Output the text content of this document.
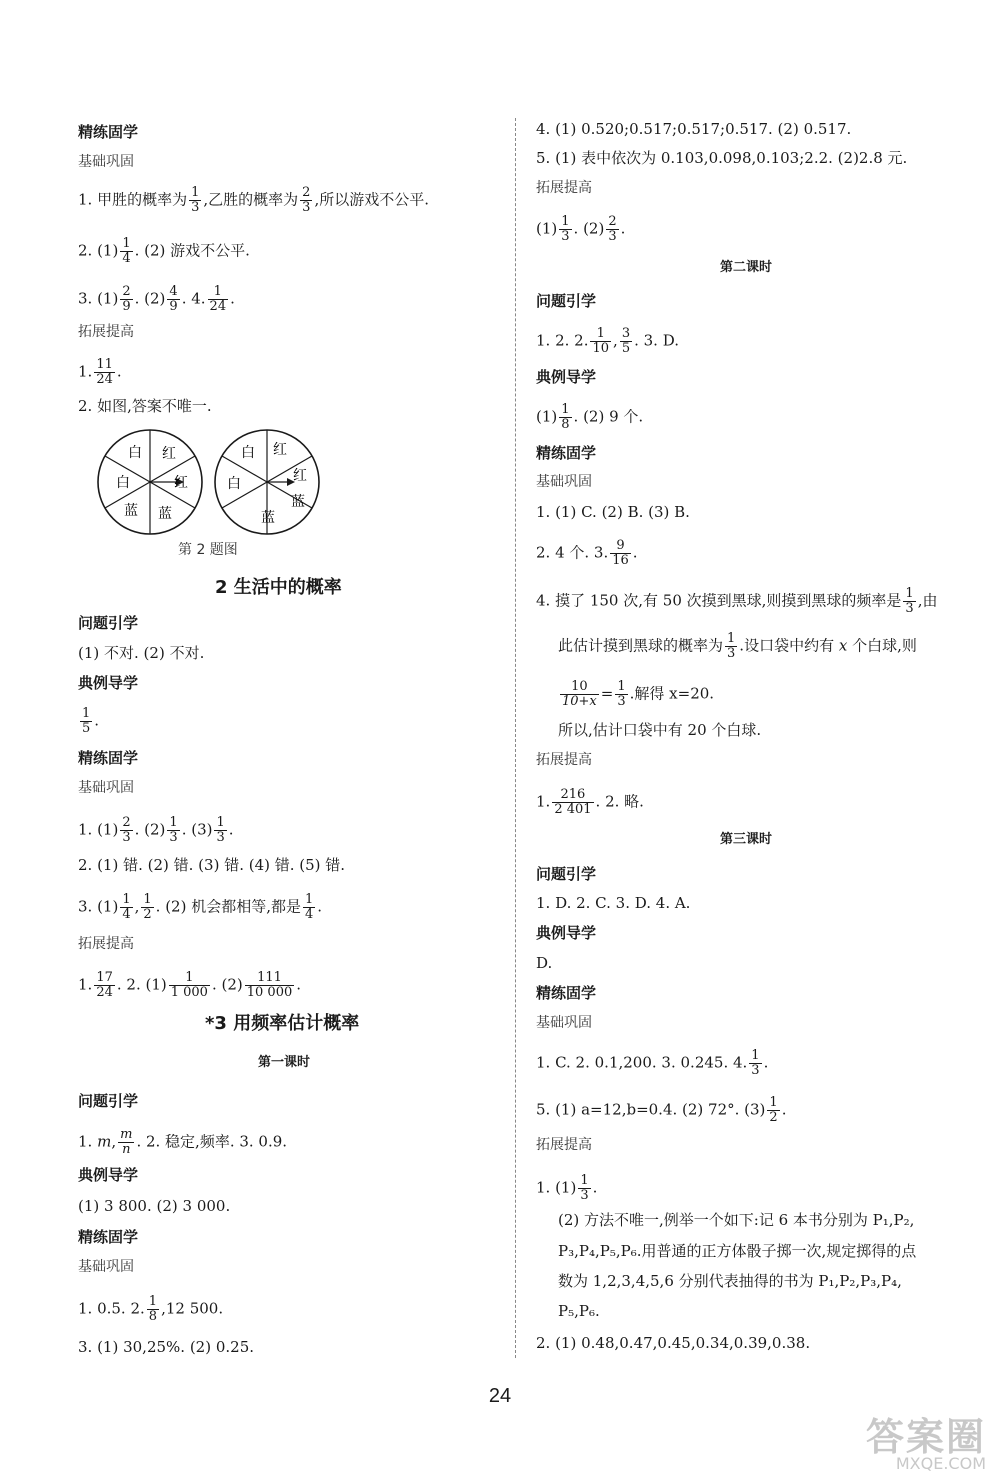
精练固学
基础巩固
1. 甲胜的概率为 $\frac{1}{3}$ ,乙胜的概率为 $\frac{2}{3}$ ,所以游戏不公平.
2. $(1) \frac{1}{4}$ . (2) 游戏不公平.
3. $(1) \frac{2}{9}$ . $(2) \frac{4}{9}$ . 4. $\frac{1}{24}$ .
拓展提高
1. $\frac{11}{24}$ .
2. 如图,答案不唯一.
红
红
蓝
蓝
白
白	红
红
蓝
蓝
白
白
第 2 题图
2 生活中的概率
问题引学
(1) 不对. (2) 不对.
典例导学
$\frac{1}{5}$ .
精练固学
基础巩固
1. $(1) \frac{2}{3}$ . $(2) \frac{1}{3}$ . $(3) \frac{1}{3}$ .
2. (1) 错. (2) 错. (3) 错. (4) 错. (5) 错.
3. $(1) \frac{1}{4}$ , $\frac{1}{2}$ . (2) 机会都相等,都是 $\frac{1}{4}$ .
拓展提高
1. $\frac{17}{24}$ . 2. $(1) \frac{1}{1 000}$ . $(2) \frac{111}{10 000}$ .
*3 用频率估计概率
第一课时
问题引学
1. m, $\frac{m}{n}$ . 2. 稳定,频率. 3. 0.9.
典例导学
(1) 3 800. (2) 3 000.
精练固学
基础巩固
1. 0.5. 2. $\frac{1}{8} ,12$ 500.
3. (1) 30,25%. (2) 0.25.
4. (1) 0.520;0.517;0.517;0.517. (2) 0.517.
5. (1) 表中依次为 0.103,0.098,0.103;2.2. (2)2.8 元.
拓展提高
$(1) \frac{1}{3}$ . $(2) \frac{2}{3}$ .
第二课时
问题引学
1. 2. 2. $\frac{1}{10}$ , $\frac{3}{5}$ . 3. D.
典例导学
$(1) \frac{1}{8}$ . (2) 9 个.
精练固学
基础巩固
1. (1) C. (2) B. (3) B.
2. 4 个. 3. $\frac{9}{16}$ .
4. 摸了 150 次,有 50 次摸到黑球,则摸到黑球的频率是 $\frac{1}{3}$ ,由
此估计摸到黑球的概率为 $\frac{1}{3}$ .设口袋中约有 x 个白球,则
$\frac{10}{10+x} = \frac{1}{3}$ .解得 x=20.
所以,估计口袋中有 20 个白球.
拓展提高
1. $\frac{216}{2 401}$ . 2. 略.
第三课时
问题引学
1. D. 2. C. 3. D. 4. A.
典例导学
D.
精练固学
基础巩固
1. C. 2. 0.1,200. 3. 0.245. 4. $\frac{1}{3}$ .
5. (1) a=12,b=0.4. (2) 72°. $(3) \frac{1}{2}$ .
拓展提高
1. $(1) \frac{1}{3}$ .
(2) 方法不唯一,例举一个如下:记 6 本书分别为 P₁,P₂,
P₃,P₄,P₅,P₆.用普通的正方体骰子掷一次,规定掷得的点
数为 1,2,3,4,5,6 分别代表抽得的书为 P₁,P₂,P₃,P₄,
P₅,P₆.
2. (1) 0.48,0.47,0.45,0.34,0.39,0.38.
24
答案圈
MXQE.COM
